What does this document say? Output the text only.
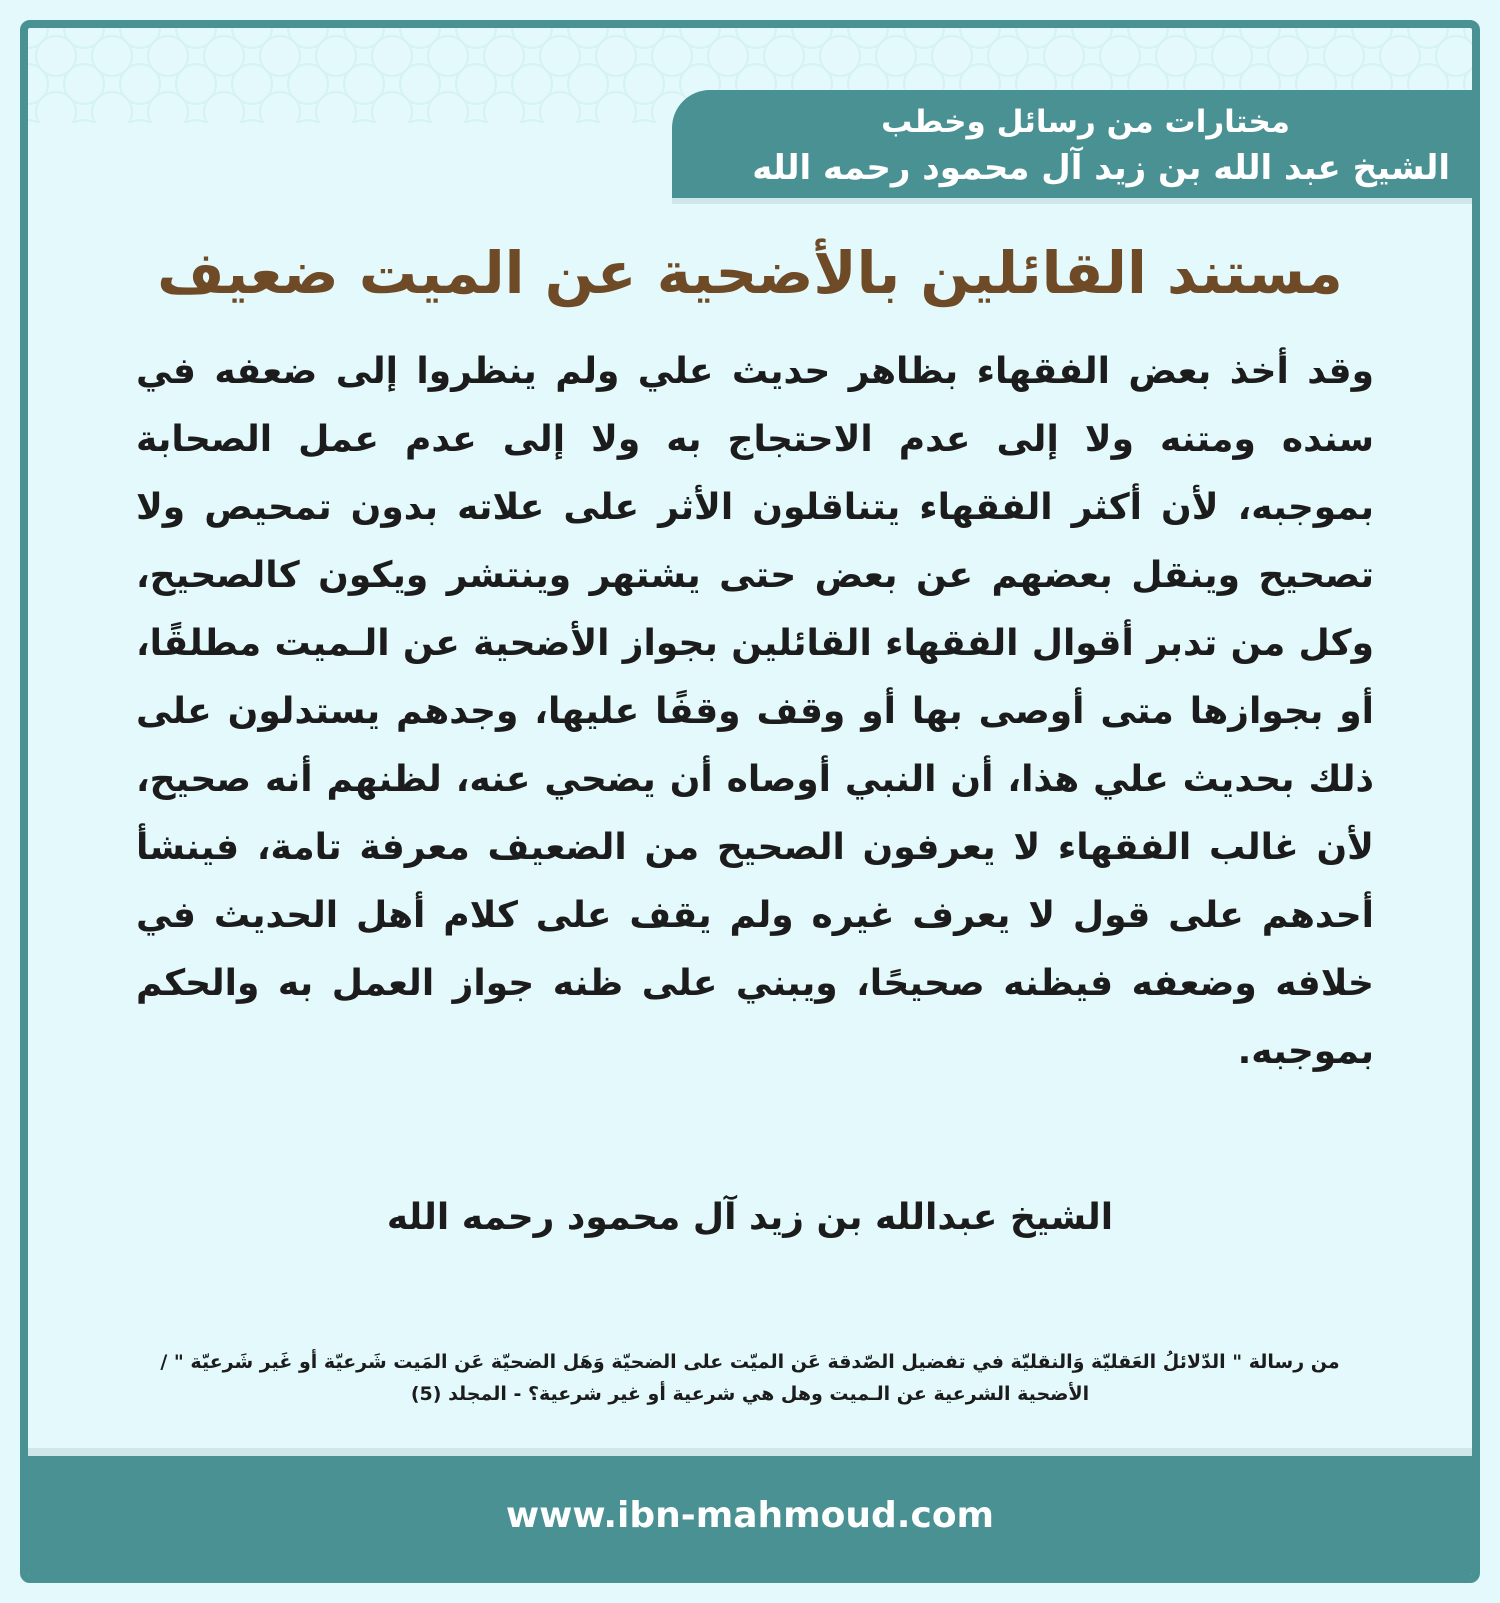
مختارات من رسائل وخطب
الشيخ عبد الله بن زيد آل محمود رحمه الله
مستند القائلين بالأضحية عن الميت ضعيف
وقد أخذ بعض الفقهاء بظاهر حديث علي ولم ينظروا إلى ضعفه في سنده ومتنه ولا إلى عدم الاحتجاج به ولا إلى عدم عمل الصحابة بموجبه، لأن أكثر الفقهاء يتناقلون الأثر على علاته بدون تمحيص ولا تصحيح وينقل بعضهم عن بعض حتى يشتهر وينتشر ويكون كالصحيح، وكل من تدبر أقوال الفقهاء القائلين بجواز الأضحية عن الـميت مطلقًا، أو بجوازها متى أوصى بها أو وقف وقفًا عليها، وجدهم يستدلون على ذلك بحديث علي هذا، أن النبي أوصاه أن يضحي عنه، لظنهم أنه صحيح، لأن غالب الفقهاء لا يعرفون الصحيح من الضعيف معرفة تامة، فينشأ أحدهم على قول لا يعرف غيره ولم يقف على كلام أهل الحديث في خلافه وضعفه فيظنه صحيحًا، ويبني على ظنه جواز العمل به والحكم بموجبه.
الشيخ عبدالله بن زيد آل محمود رحمه الله
من رسالة " الدّلائلُ العَقليّة وَالنقليّة في تفضيل الصّدقة عَن الميّت على الضحيّة وَهَل الضحيّة عَن المَيت شَرعيّة أو غَير شَرعيّة " / الأضحية الشرعية عن الـميت وهل هي شرعية أو غير شرعية؟ - المجلد (5)
www.ibn-mahmoud.com
